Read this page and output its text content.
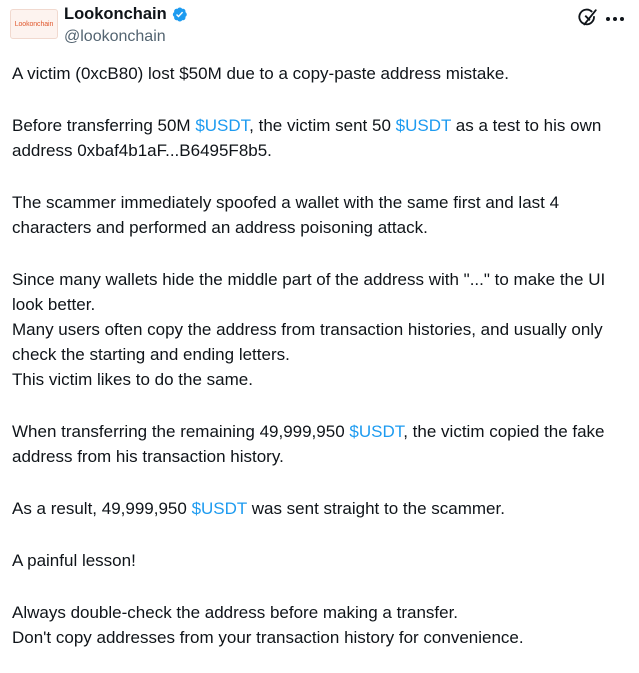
Lookonchain
Lookonchain
@lookonchain

A victim (0xcB80) lost $50M due to a copy-paste address mistake.

Before transferring 50M $USDT, the victim sent 50 $USDT as a test to his own address 0xbaf4b1aF...B6495F8b5.

The scammer immediately spoofed a wallet with the same first and last 4 characters and performed an address poisoning attack.

Since many wallets hide the middle part of the address with "..." to make the UI look better.

Many users often copy the address from transaction histories, and usually only check the starting and ending letters.

This victim likes to do the same.

When transferring the remaining 49,999,950 $USDT, the victim copied the fake address from his transaction history.

As a result, 49,999,950 $USDT was sent straight to the scammer.

A painful lesson!

Always double-check the address before making a transfer.

Don't copy addresses from your transaction history for convenience.
